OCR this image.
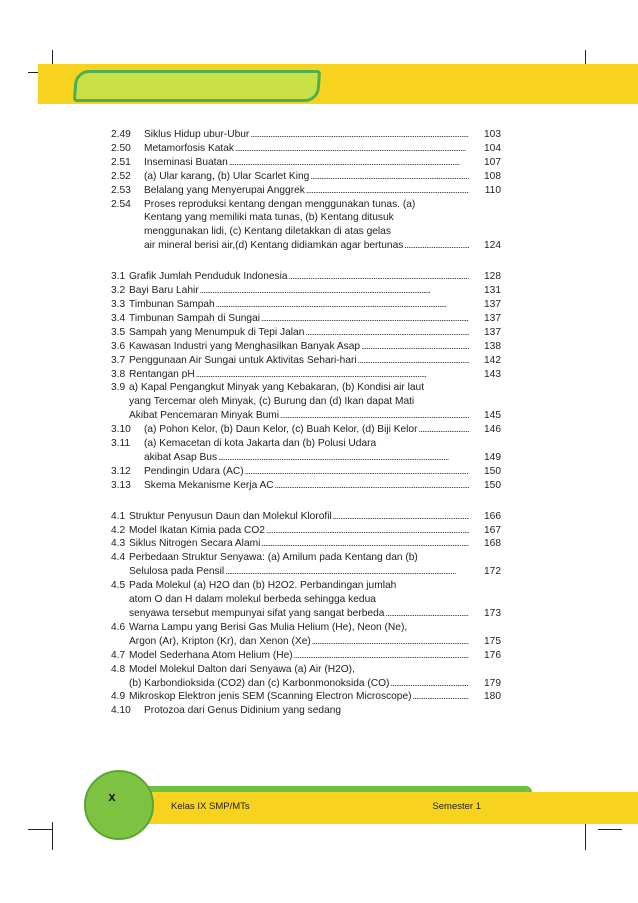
2.49	Siklus Hidup ubur-Ubur . . .	103
2.50	Metamorfosis Katak . . .	104
2.51	Inseminasi Buatan . . .	107
2.52	(a) Ular karang, (b) Ular Scarlet King . . .	108
2.53	Belalang yang Menyerupai Anggrek . . .	110
2.54	Proses reproduksi kentang dengan menggunakan tunas. (a)
Kentang yang memiliki mata tunas, (b) Kentang ditusuk
menggunakan lidi, (c) Kentang diletakkan di atas gelas
air mineral berisi air,(d) Kentang didiamkan agar bertunas . . .	124
3.1 Grafik Jumlah Penduduk Indonesia . . .	128
3.2 Bayi Baru Lahir . . .	131
3.3 Timbunan Sampah . . .	137
3.4 Timbunan Sampah di Sungai . . .	137
3.5 Sampah yang Menumpuk di Tepi Jalan . . .	137
3.6 Kawasan Industri yang Menghasilkan Banyak Asap . . .	138
3.7 Penggunaan Air Sungai untuk Aktivitas Sehari-hari . . .	142
3.8 Rentangan pH . . .	143
3.9 a) Kapal Pengangkut Minyak yang Kebakaran, (b) Kondisi air laut
yang Tercemar oleh Minyak, (c) Burung dan (d) Ikan dapat Mati
Akibat Pencemaran Minyak Bumi . . .	145
3.10	(a) Pohon Kelor, (b) Daun Kelor, (c) Buah Kelor, (d) Biji Kelor . . .	146
3.11	(a) Kemacetan di kota Jakarta dan (b) Polusi Udara
akibat Asap Bus . . .	149
3.12	Pendingin Udara (AC) . . .	150
3.13	Skema Mekanisme Kerja AC . . .	150
4.1 Struktur Penyusun Daun dan Molekul Klorofil . . .	166
4.2 Model Ikatan Kimia pada CO2 . . .	167
4.3 Siklus Nitrogen Secara Alami . . .	168
4.4 Perbedaan Struktur Senyawa: (a) Amilum pada Kentang dan (b)
Selulosa pada Pensil . . .	172
4.5 Pada Molekul (a) H2O dan (b) H2O2. Perbandingan jumlah
atom O dan H dalam molekul berbeda sehingga kedua
senyawa tersebut mempunyai sifat yang sangat berbeda . . .	173
4.6 Warna Lampu yang Berisi Gas Mulia Helium (He), Neon (Ne),
Argon (Ar), Kripton (Kr), dan Xenon (Xe) . . .	175
4.7 Model Sederhana Atom Helium (He) . . .	176
4.8 Model Molekul Dalton dari Senyawa (a) Air (H2O),
(b) Karbondioksida (CO2) dan (c) Karbonmonoksida (CO) . . .	179
4.9 Mikroskop Elektron jenis SEM (Scanning Electron Microscope) . . .	180
4.10	Protozoa dari Genus Didinium yang sedang
x
Kelas IX SMP/MTs	Semester 1
